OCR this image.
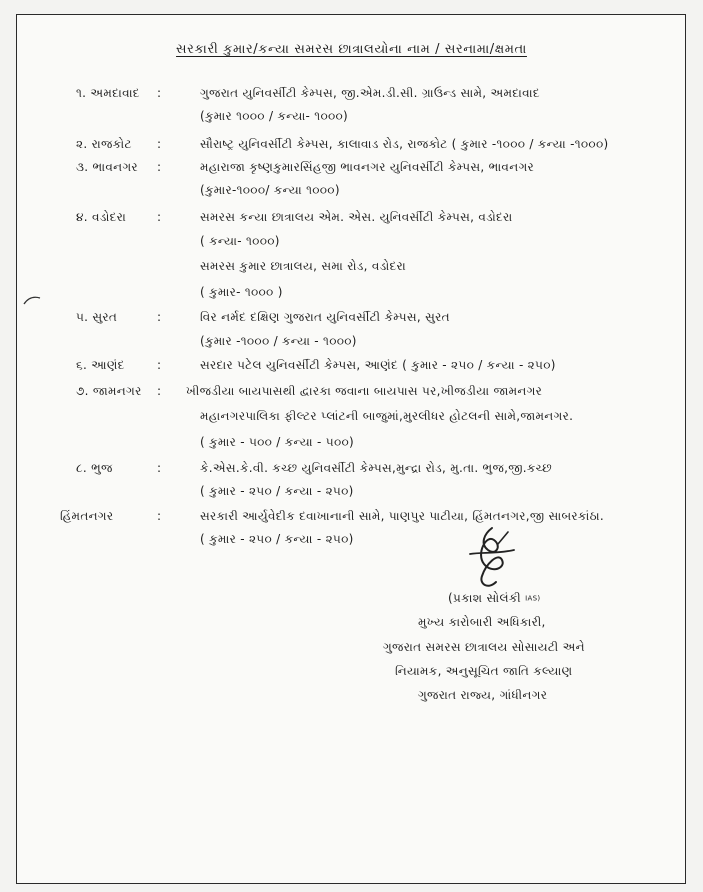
સરકારી કુમાર/કન્યા સમરસ છાત્રાલયોના નામ / સરનામા/ક્ષમતા
૧. અમદાવાદ :	ગુજરાત યુનિવર્સીટી કેમ્પસ, જી.એમ.ડી.સી. ગ્રાઉન્ડ સામે, અમદાવાદ
(કુમાર ૧૦૦૦ / કન્યા- ૧૦૦૦)
૨. રાજકોટ :	સૌરાષ્ટ્ર યુનિવર્સીટી કેમ્પસ, કાલાવાડ રોડ, રાજકોટ ( કુમાર -૧૦૦૦ / કન્યા -૧૦૦૦)
૩. ભાવનગર :	મહારાજા કૃષ્ણકુમારસિંહજી ભાવનગર યુનિવર્સીટી કેમ્પસ, ભાવનગર
(કુમાર-૧૦૦૦/ કન્યા ૧૦૦૦)
૪. વડોદરા	:	સમરસ કન્યા છાત્રાલય એમ. એસ. યુનિવર્સીટી કેમ્પસ, વડોદરા
( કન્યા- ૧૦૦૦)
સમરસ કુમાર છાત્રાલય, સમા રોડ, વડોદરા
( કુમાર- ૧૦૦૦ )
૫. સુરત	:	વિર નર્મદ દક્ષિણ ગુજરાત યુનિવર્સીટી કેમ્પસ, સુરત
(કુમાર -૧૦૦૦ / કન્યા - ૧૦૦૦)
૬. આણંદ	:	સરદાર પટેલ યુનિવર્સીટી કેમ્પસ, આણંદ ( કુમાર - ૨૫૦ / કન્યા - ૨૫૦)
૭. જામનગર : ખીજડીયા બાયપાસથી દ્વારકા જવાના બાયપાસ પર,ખીજડીયા જામનગર
મહાનગરપાલિકા ફીલ્ટર પ્લાંટની બાજુમાં,મુરલીધર હોટલની સામે,જામનગર.
( કુમાર - ૫૦૦ / કન્યા - ૫૦૦)
૮. ભુજ	:	કે.એસ.કે.વી. કચ્છ યુનિવર્સીટી કેમ્પસ,મુન્દ્રા રોડ, મુ.તા. ભુજ,જી.કચ્છ
( કુમાર - ૨૫૦ / કન્યા - ૨૫૦)
હિંમતનગર	:	સરકારી આર્યુવેદીક દવાખાનાની સામે, પાણપુર પાટીયા, હિંમતનગર,જી સાબરકાંઠા.
( કુમાર - ૨૫૦ / કન્યા - ૨૫૦)
(પ્રકાશ સોલંકી IAS)
મુખ્ય કારોબારી અધિકારી,
ગુજરાત સમરસ છાત્રાલય સોસાયટી અને
નિયામક, અનુસૂચિત જાતિ કલ્યાણ
ગુજરાત રાજ્ય, ગાંધીનગર
